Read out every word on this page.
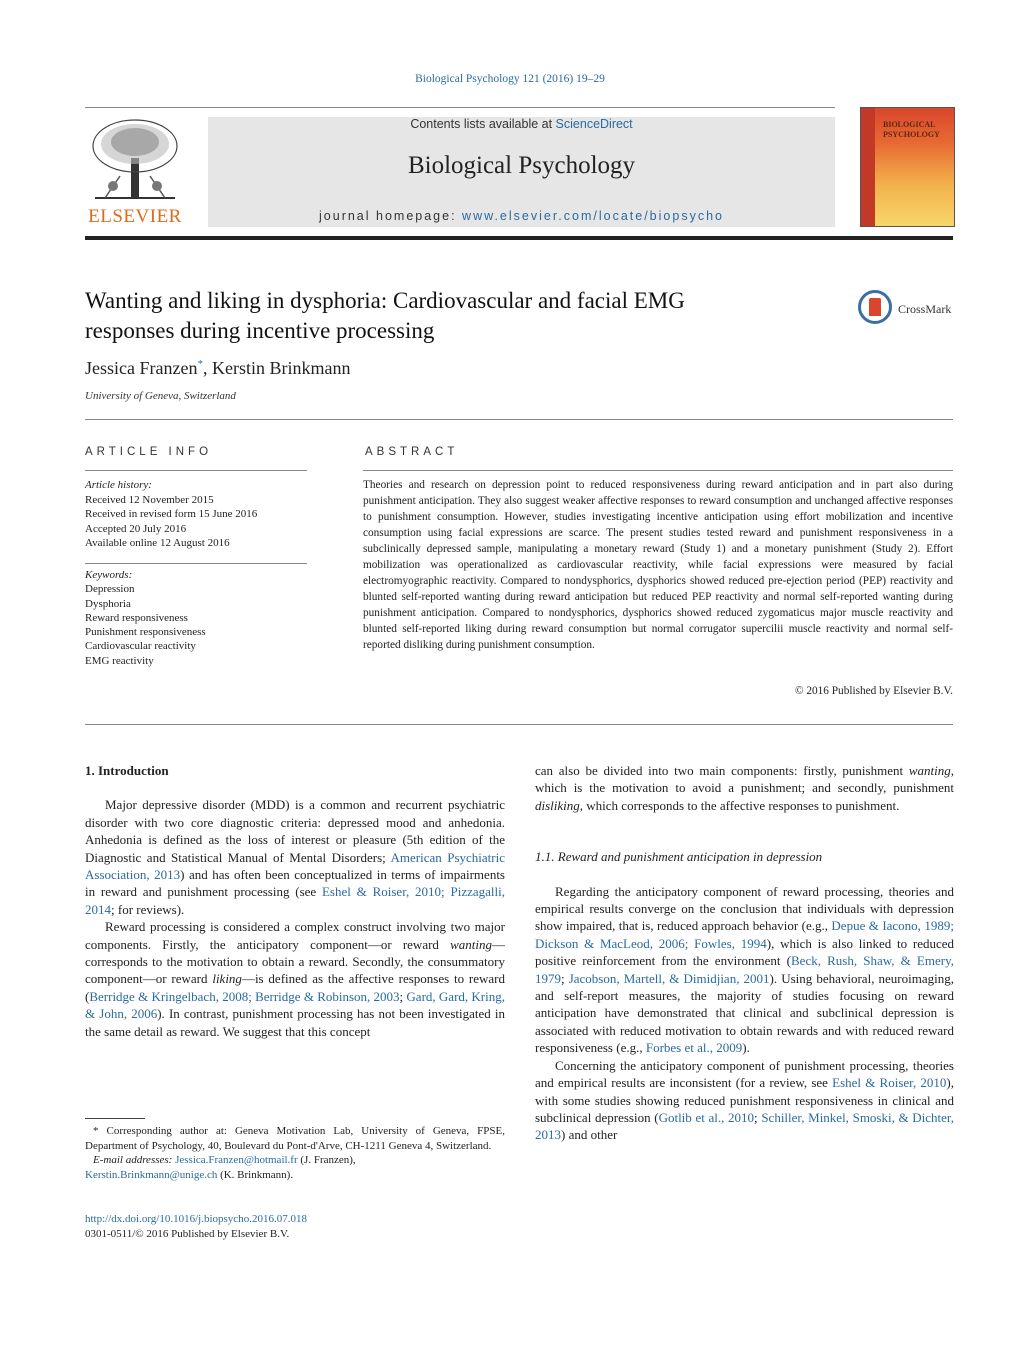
Biological Psychology 121 (2016) 19–29
ELSEVIER
Contents lists available at ScienceDirect
Biological Psychology
journal homepage: www.elsevier.com/locate/biopsycho
BIOLOGICAL
PSYCHOLOGY
Wanting and liking in dysphoria: Cardiovascular and facial EMG
responses during incentive processing
CrossMark
Jessica Franzen*, Kerstin Brinkmann
University of Geneva, Switzerland
ARTICLE INFO	ABSTRACT
Article history:
Received 12 November 2015
Received in revised form 15 June 2016
Accepted 20 July 2016
Available online 12 August 2016
Keywords:
Depression
Dysphoria
Reward responsiveness
Punishment responsiveness
Cardiovascular reactivity
EMG reactivity
Theories and research on depression point to reduced responsiveness during reward anticipation and in part also during punishment anticipation. They also suggest weaker affective responses to reward consumption and unchanged affective responses to punishment consumption. However, studies investigating incentive anticipation using effort mobilization and incentive consumption using facial expressions are scarce. The present studies tested reward and punishment responsiveness in a subclinically depressed sample, manipulating a monetary reward (Study 1) and a monetary punishment (Study 2). Effort mobilization was operationalized as cardiovascular reactivity, while facial expressions were measured by facial electromyographic reactivity. Compared to nondysphorics, dysphorics showed reduced pre-ejection period (PEP) reactivity and blunted self-reported wanting during reward anticipation but reduced PEP reactivity and normal self-reported wanting during punishment anticipation. Compared to nondysphorics, dysphorics showed reduced zygomaticus major muscle reactivity and blunted self-reported liking during reward consumption but normal corrugator supercilii muscle reactivity and normal self-reported disliking during punishment consumption.
© 2016 Published by Elsevier B.V.

1. Introduction

Major depressive disorder (MDD) is a common and recurrent psychiatric disorder with two core diagnostic criteria: depressed mood and anhedonia. Anhedonia is defined as the loss of interest or pleasure (5th edition of the Diagnostic and Statistical Manual of Mental Disorders; American Psychiatric Association, 2013) and has often been conceptualized in terms of impairments in reward and punishment processing (see Eshel & Roiser, 2010; Pizzagalli, 2014; for reviews).

Reward processing is considered a complex construct involving two major components. Firstly, the anticipatory component—or reward wanting—corresponds to the motivation to obtain a reward. Secondly, the consummatory component—or reward liking—is defined as the affective responses to reward (Berridge & Kringelbach, 2008; Berridge & Robinson, 2003; Gard, Gard, Kring, & John, 2006). In contrast, punishment processing has not been investigated in the same detail as reward. We suggest that this concept

can also be divided into two main components: firstly, punishment wanting, which is the motivation to avoid a punishment; and secondly, punishment disliking, which corresponds to the affective responses to punishment.

1.1. Reward and punishment anticipation in depression

Regarding the anticipatory component of reward processing, theories and empirical results converge on the conclusion that individuals with depression show impaired, that is, reduced approach behavior (e.g., Depue & Iacono, 1989; Dickson & MacLeod, 2006; Fowles, 1994), which is also linked to reduced positive reinforcement from the environment (Beck, Rush, Shaw, & Emery, 1979; Jacobson, Martell, & Dimidjian, 2001). Using behavioral, neuroimaging, and self-report measures, the majority of studies focusing on reward anticipation have demonstrated that clinical and subclinical depression is associated with reduced motivation to obtain rewards and with reduced reward responsiveness (e.g., Forbes et al., 2009).

Concerning the anticipatory component of punishment processing, theories and empirical results are inconsistent (for a review, see Eshel & Roiser, 2010), with some studies showing reduced punishment responsiveness in clinical and subclinical depression (Gotlib et al., 2010; Schiller, Minkel, Smoski, & Dichter, 2013) and other

* Corresponding author at: Geneva Motivation Lab, University of Geneva, FPSE, Department of Psychology, 40, Boulevard du Pont-d'Arve, CH-1211 Geneva 4, Switzerland.
E-mail addresses: Jessica.Franzen@hotmail.fr (J. Franzen),
Kerstin.Brinkmann@unige.ch (K. Brinkmann).
http://dx.doi.org/10.1016/j.biopsycho.2016.07.018
0301-0511/© 2016 Published by Elsevier B.V.
